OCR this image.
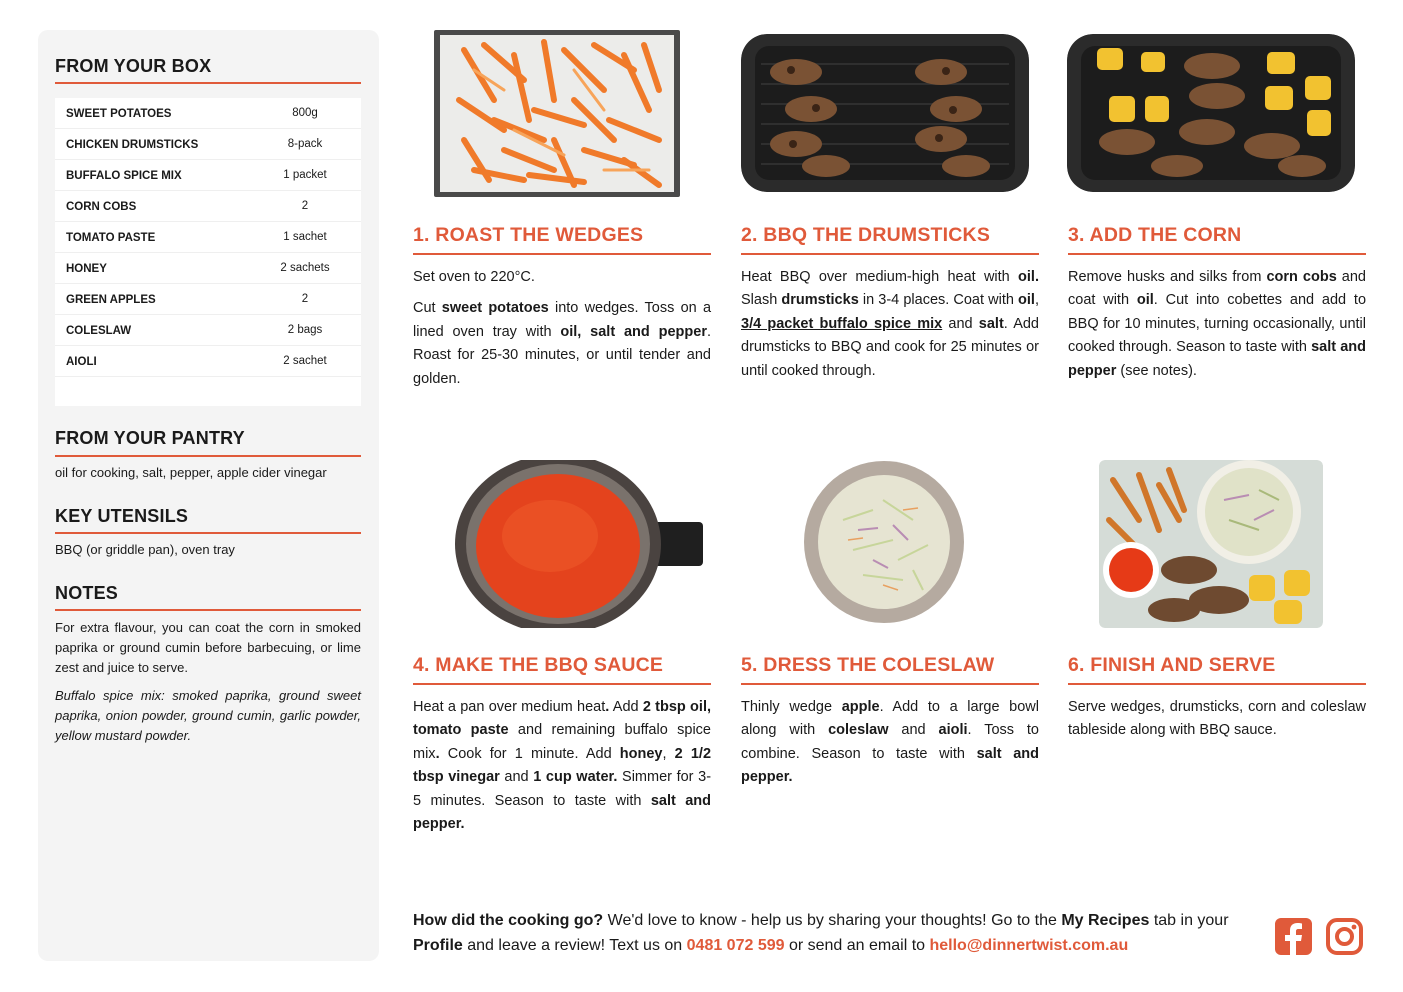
FROM YOUR BOX
SWEET POTATOES	800g
CHICKEN DRUMSTICKS	8-pack
BUFFALO SPICE MIX	1 packet
CORN COBS	2
TOMATO PASTE	1 sachet
HONEY	2 sachets
GREEN APPLES	2
COLESLAW	2 bags
AIOLI	2 sachet
FROM YOUR PANTRY
oil for cooking, salt, pepper, apple cider vinegar
KEY UTENSILS
BBQ (or griddle pan), oven tray
NOTES
For extra flavour, you can coat the corn in smoked paprika or ground cumin before barbecuing, or lime zest and juice to serve.
Buffalo spice mix: smoked paprika, ground sweet paprika, onion powder, ground cumin, garlic powder, yellow mustard powder.
1. ROAST THE WEDGES

Set oven to 220°C.

Cut sweet potatoes into wedges. Toss on a lined oven tray with oil, salt and pepper. Roast for 25-30 minutes, or until tender and golden.

2. BBQ THE DRUMSTICKS

Heat BBQ over medium-high heat with oil. Slash drumsticks in 3-4 places. Coat with oil, 3/4 packet buffalo spice mix and salt. Add drumsticks to BBQ and cook for 25 minutes or until cooked through.

3. ADD THE CORN

Remove husks and silks from corn cobs and coat with oil. Cut into cobettes and add to BBQ for 10 minutes, turning occasionally, until cooked through. Season to taste with salt and pepper (see notes).

4. MAKE THE BBQ SAUCE

Heat a pan over medium heat. Add 2 tbsp oil, tomato paste and remaining buffalo spice mix. Cook for 1 minute. Add honey, 2 1/2 tbsp vinegar and 1 cup water. Simmer for 3-5 minutes. Season to taste with salt and pepper.

5. DRESS THE COLESLAW

Thinly wedge apple. Add to a large bowl along with coleslaw and aioli. Toss to combine. Season to taste with salt and pepper.

6. FINISH AND SERVE

Serve wedges, drumsticks, corn and coleslaw tableside along with BBQ sauce.

How did the cooking go? We'd love to know - help us by sharing your thoughts! Go to the My Recipes tab in your Profile and leave a review! Text us on 0481 072 599 or send an email to hello@dinnertwist.com.au
